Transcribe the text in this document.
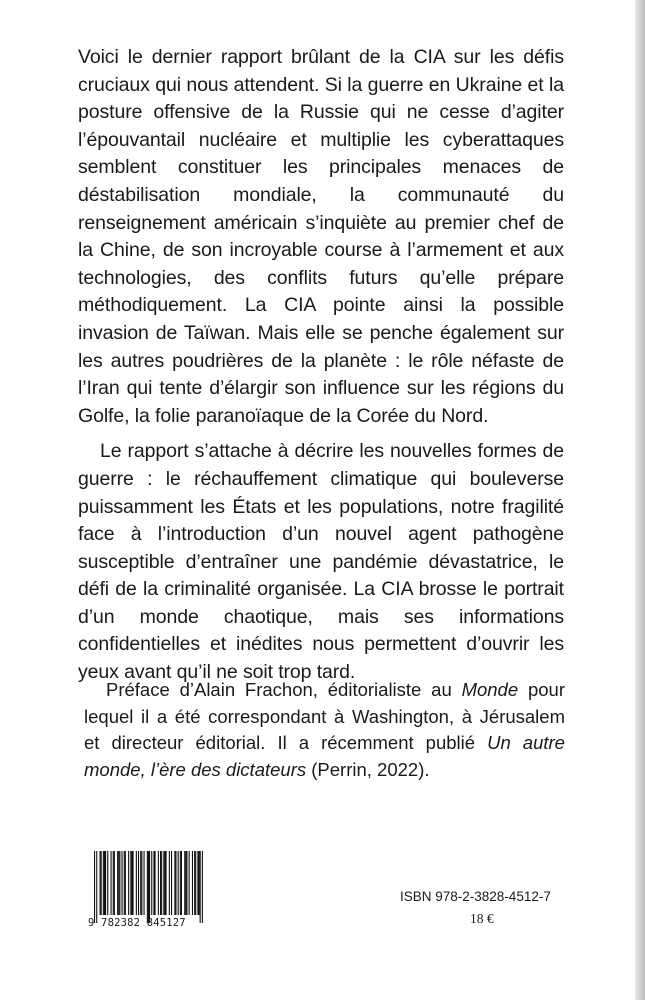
Voici le dernier rapport brûlant de la CIA sur les défis cruciaux qui nous attendent. Si la guerre en Ukraine et la posture offensive de la Russie qui ne cesse d’agiter l’épouvantail nucléaire et multiplie les cyberattaques semblent constituer les principales menaces de déstabilisation mondiale, la communauté du renseignement américain s’inquiète au premier chef de la Chine, de son incroyable course à l’armement et aux technologies, des conflits futurs qu’elle prépare méthodiquement. La CIA pointe ainsi la possible invasion de Taïwan. Mais elle se penche également sur les autres poudrières de la planète : le rôle néfaste de l’Iran qui tente d’élargir son influence sur les régions du Golfe, la folie paranoïaque de la Corée du Nord.

Le rapport s’attache à décrire les nouvelles formes de guerre : le réchauffement climatique qui bouleverse puissamment les États et les populations, notre fragilité face à l’introduction d’un nouvel agent pathogène susceptible d’entraîner une pandémie dévastatrice, le défi de la criminalité organisée. La CIA brosse le portrait d’un monde chaotique, mais ses informations confidentielles et inédites nous permettent d’ouvrir les yeux avant qu’il ne soit trop tard.

Préface d’Alain Frachon, éditorialiste au Monde pour lequel il a été correspondant à Washington, à Jérusalem et directeur éditorial. Il a récemment publié Un autre monde, l’ère des dictateurs (Perrin, 2022).

9 782382 845127
ISBN 978-2-3828-4512-7
18 €
